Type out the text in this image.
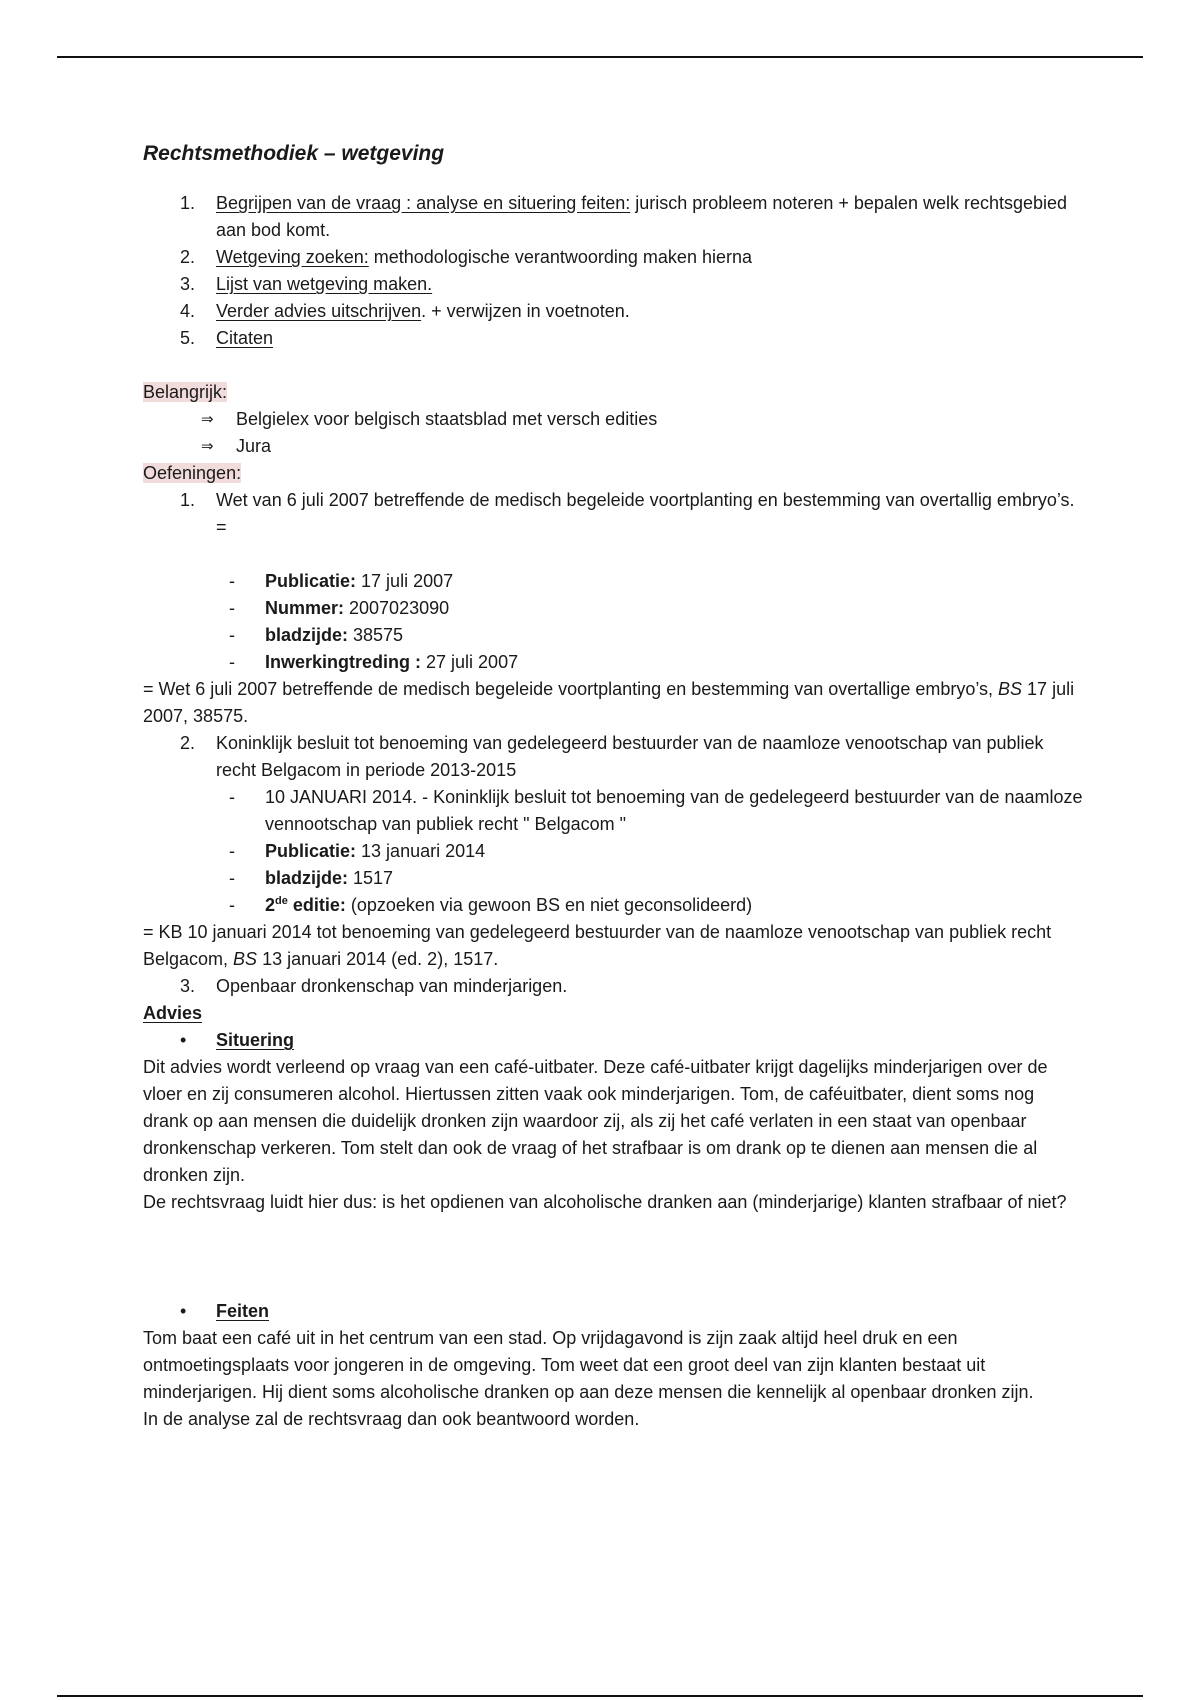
Rechtsmethodiek – wetgeving

1. Begrijpen van de vraag : analyse en situering feiten: jurisch probleem noteren + bepalen welk rechtsgebied aan bod komt.
2. Wetgeving zoeken: methodologische verantwoording maken hierna
3. Lijst van wetgeving maken.
4. Verder advies uitschrijven. + verwijzen in voetnoten.
5. Citaten

Belangrijk:

⇒ Belgielex voor belgisch staatsblad met versch edities
⇒ Jura

Oefeningen:

1. Wet van 6 juli 2007 betreffende de medisch begeleide voortplanting en bestemming van overtallig embryo’s. =
- Publicatie: 17 juli 2007
- Nummer: 2007023090
- bladzijde: 38575
- Inwerkingtreding : 27 juli 2007

= Wet 6 juli 2007 betreffende de medisch begeleide voortplanting en bestemming van overtallige embryo’s, BS 17 juli 2007, 38575.

2. Koninklijk besluit tot benoeming van gedelegeerd bestuurder van de naamloze venootschap van publiek recht Belgacom in periode 2013-2015
- 10 JANUARI 2014. - Koninklijk besluit tot benoeming van de gedelegeerd bestuurder van de naamloze vennootschap van publiek recht " Belgacom "
- Publicatie: 13 januari 2014
- bladzijde: 1517
- 2de editie: (opzoeken via gewoon BS en niet geconsolideerd)

= KB 10 januari 2014 tot benoeming van gedelegeerd bestuurder van de naamloze venootschap van publiek recht Belgacom, BS 13 januari 2014 (ed. 2), 1517.

3. Openbaar dronkenschap van minderjarigen.

Advies

• Situering

Dit advies wordt verleend op vraag van een café-uitbater. Deze café-uitbater krijgt dagelijks minderjarigen over de vloer en zij consumeren alcohol. Hiertussen zitten vaak ook minderjarigen. Tom, de caféuitbater, dient soms nog drank op aan mensen die duidelijk dronken zijn waardoor zij, als zij het café verlaten in een staat van openbaar dronkenschap verkeren. Tom stelt dan ook de vraag of het strafbaar is om drank op te dienen aan mensen die al dronken zijn.

De rechtsvraag luidt hier dus: is het opdienen van alcoholische dranken aan (minderjarige) klanten strafbaar of niet?

• Feiten

Tom baat een café uit in het centrum van een stad. Op vrijdagavond is zijn zaak altijd heel druk en een ontmoetingsplaats voor jongeren in de omgeving. Tom weet dat een groot deel van zijn klanten bestaat uit minderjarigen. Hij dient soms alcoholische dranken op aan deze mensen die kennelijk al openbaar dronken zijn.

In de analyse zal de rechtsvraag dan ook beantwoord worden.
